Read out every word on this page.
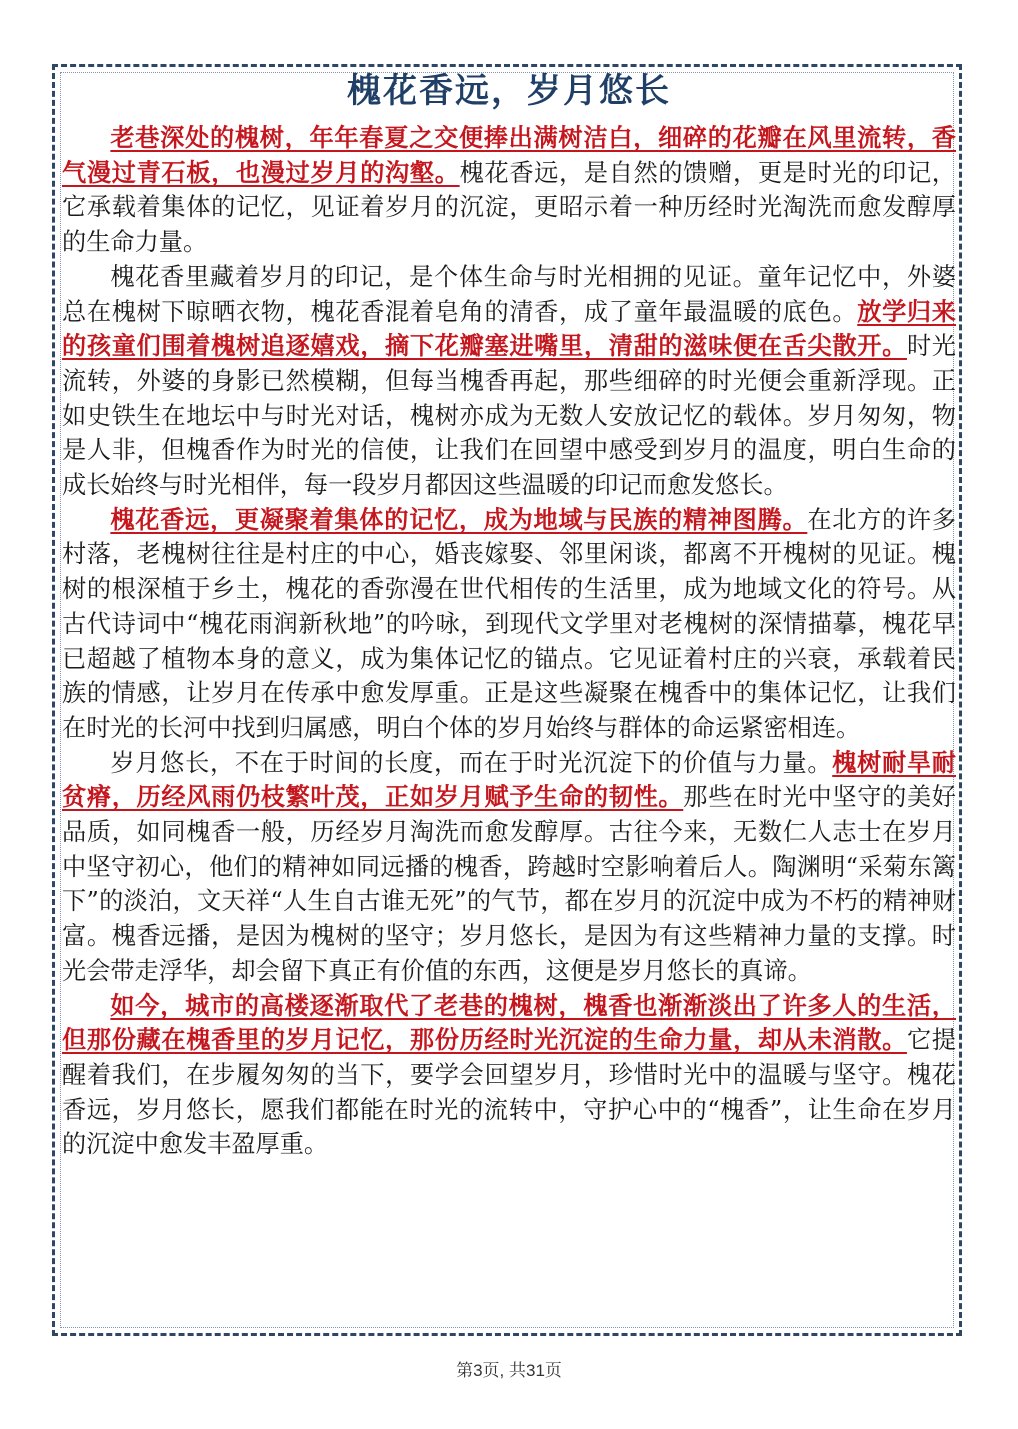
槐花香远，岁月悠长

老巷深处的槐树，年年春夏之交便捧出满树洁白，细碎的花瓣在风里流转，香气漫过青石板，也漫过岁月的沟壑。槐花香远，是自然的馈赠，更是时光的印记，它承载着集体的记忆，见证着岁月的沉淀，更昭示着一种历经时光淘洗而愈发醇厚的生命力量。

槐花香里藏着岁月的印记，是个体生命与时光相拥的见证。童年记忆中，外婆总在槐树下晾晒衣物，槐花香混着皂角的清香，成了童年最温暖的底色。放学归来的孩童们围着槐树追逐嬉戏，摘下花瓣塞进嘴里，清甜的滋味便在舌尖散开。时光流转，外婆的身影已然模糊，但每当槐香再起，那些细碎的时光便会重新浮现。正如史铁生在地坛中与时光对话，槐树亦成为无数人安放记忆的载体。岁月匆匆，物是人非，但槐香作为时光的信使，让我们在回望中感受到岁月的温度，明白生命的成长始终与时光相伴，每一段岁月都因这些温暖的印记而愈发悠长。

槐花香远，更凝聚着集体的记忆，成为地域与民族的精神图腾。在北方的许多村落，老槐树往往是村庄的中心，婚丧嫁娶、邻里闲谈，都离不开槐树的见证。槐树的根深植于乡土，槐花的香弥漫在世代相传的生活里，成为地域文化的符号。从古代诗词中“槐花雨润新秋地”的吟咏，到现代文学里对老槐树的深情描摹，槐花早已超越了植物本身的意义，成为集体记忆的锚点。它见证着村庄的兴衰，承载着民族的情感，让岁月在传承中愈发厚重。正是这些凝聚在槐香中的集体记忆，让我们在时光的长河中找到归属感，明白个体的岁月始终与群体的命运紧密相连。

岁月悠长，不在于时间的长度，而在于时光沉淀下的价值与力量。槐树耐旱耐贫瘠，历经风雨仍枝繁叶茂，正如岁月赋予生命的韧性。那些在时光中坚守的美好品质，如同槐香一般，历经岁月淘洗而愈发醇厚。古往今来，无数仁人志士在岁月中坚守初心，他们的精神如同远播的槐香，跨越时空影响着后人。陶渊明“采菊东篱下”的淡泊，文天祥“人生自古谁无死”的气节，都在岁月的沉淀中成为不朽的精神财富。槐香远播，是因为槐树的坚守；岁月悠长，是因为有这些精神力量的支撑。时光会带走浮华，却会留下真正有价值的东西，这便是岁月悠长的真谛。

如今，城市的高楼逐渐取代了老巷的槐树，槐香也渐渐淡出了许多人的生活，但那份藏在槐香里的岁月记忆，那份历经时光沉淀的生命力量，却从未消散。它提醒着我们，在步履匆匆的当下，要学会回望岁月，珍惜时光中的温暖与坚守。槐花香远，岁月悠长，愿我们都能在时光的流转中，守护心中的“槐香”，让生命在岁月的沉淀中愈发丰盈厚重。

第3页, 共31页
